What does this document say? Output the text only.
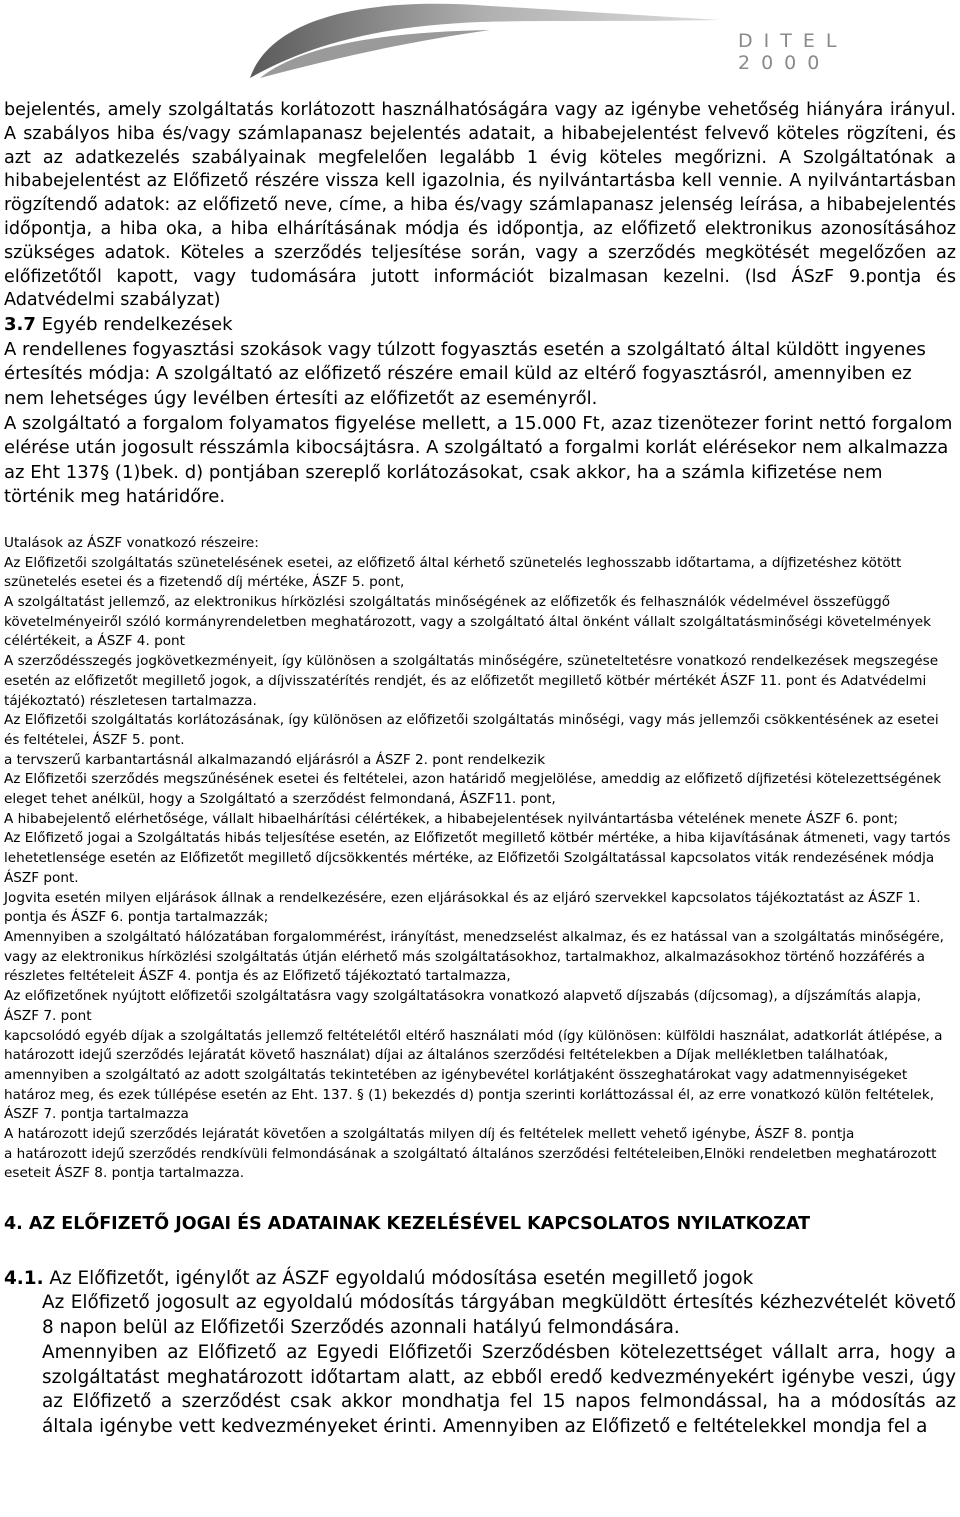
DITEL 2000

bejelentés, amely szolgáltatás korlátozott használhatóságára vagy az igénybe vehetőség hiányára irányul. A szabályos hiba és/vagy számlapanasz bejelentés adatait, a hibabejelentést felvevő köteles rögzíteni, és azt az adatkezelés szabályainak megfelelően legalább 1 évig köteles megőrizni. A Szolgáltatónak a hibabejelentést az Előfizető részére vissza kell igazolnia, és nyilvántartásba kell vennie. A nyilvántartásban rögzítendő adatok: az előfizető neve, címe, a hiba és/vagy számlapanasz jelenség leírása, a hibabejelentés időpontja, a hiba oka, a hiba elhárításának módja és időpontja, az előfizető elektronikus azonosításához szükséges adatok. Köteles a szerződés teljesítése során, vagy a szerződés megkötését megelőzően az előfizetőtől kapott, vagy tudomására jutott információt bizalmasan kezelni. (lsd ÁSzF 9.pontja és Adatvédelmi szabályzat)

3.7 Egyéb rendelkezések

A rendellenes fogyasztási szokások vagy túlzott fogyasztás esetén a szolgáltató által küldött ingyenes értesítés módja: A szolgáltató az előfizető részére email küld az eltérő fogyasztásról, amennyiben ez nem lehetséges úgy levélben értesíti az előfizetőt az eseményről.

A szolgáltató a forgalom folyamatos figyelése mellett, a 15.000 Ft, azaz tizenötezer forint nettó forgalom elérése után jogosult résszámla kibocsájtásra. A szolgáltató a forgalmi korlát elérésekor nem alkalmazza az Eht 137§ (1)bek. d) pontjában szereplő korlátozásokat, csak akkor, ha a számla kifizetése nem történik meg határidőre.

Utalások az ÁSZF vonatkozó részeire:

Az Előfizetői szolgáltatás szünetelésének esetei, az előfizető által kérhető szünetelés leghosszabb időtartama, a díjfizetéshez kötött szünetelés esetei és a fizetendő díj mértéke, ÁSZF 5. pont,

A szolgáltatást jellemző, az elektronikus hírközlési szolgáltatás minőségének az előfizetők és felhasználók védelmével összefüggő követelményeiről szóló kormányrendeletben meghatározott, vagy a szolgáltató által önként vállalt szolgáltatásminőségi követelmények célértékeit, a ÁSZF 4. pont

A szerződésszegés jogkövetkezményeit, így különösen a szolgáltatás minőségére, szüneteltetésre vonatkozó rendelkezések megszegése esetén az előfizetőt megillető jogok, a díjvisszatérítés rendjét, és az előfizetőt megillető kötbér mértékét ÁSZF 11. pont és Adatvédelmi tájékoztató) részletesen tartalmazza.

Az Előfizetői szolgáltatás korlátozásának, így különösen az előfizetői szolgáltatás minőségi, vagy más jellemzői csökkentésének az esetei és feltételei, ÁSZF 5. pont.

a tervszerű karbantartásnál alkalmazandó eljárásról a ÁSZF 2. pont rendelkezik

Az Előfizetői szerződés megszűnésének esetei és feltételei, azon határidő megjelölése, ameddig az előfizető díjfizetési kötelezettségének eleget tehet anélkül, hogy a Szolgáltató a szerződést felmondaná, ÁSZF11. pont,

A hibabejelentő elérhetősége, vállalt hibaelhárítási célértékek, a hibabejelentések nyilvántartásba vételének menete ÁSZF 6. pont;

Az Előfizető jogai a Szolgáltatás hibás teljesítése esetén, az Előfizetőt megillető kötbér mértéke, a hiba kijavításának átmeneti, vagy tartós lehetetlensége esetén az Előfizetőt megillető díjcsökkentés mértéke, az Előfizetői Szolgáltatással kapcsolatos viták rendezésének módja ÁSZF pont.

Jogvita esetén milyen eljárások állnak a rendelkezésére, ezen eljárásokkal és az eljáró szervekkel kapcsolatos tájékoztatást az ÁSZF 1. pontja és ÁSZF 6. pontja tartalmazzák;

Amennyiben a szolgáltató hálózatában forgalommérést, irányítást, menedzselést alkalmaz, és ez hatással van a szolgáltatás minőségére, vagy az elektronikus hírközlési szolgáltatás útján elérhető más szolgáltatásokhoz, tartalmakhoz, alkalmazásokhoz történő hozzáférés a részletes feltételeit ÁSZF 4. pontja és az Előfizető tájékoztató tartalmazza,

Az előfizetőnek nyújtott előfizetői szolgáltatásra vagy szolgáltatásokra vonatkozó alapvető díjszabás (díjcsomag), a díjszámítás alapja, ÁSZF 7. pont

kapcsolódó egyéb díjak a szolgáltatás jellemző feltételétől eltérő használati mód (így különösen: külföldi használat, adatkorlát átlépése, a határozott idejű szerződés lejáratát követő használat) díjai az általános szerződési feltételekben a Díjak mellékletben találhatóak,

amennyiben a szolgáltató az adott szolgáltatás tekintetében az igénybevétel korlátjaként összeghatárokat vagy adatmennyiségeket határoz meg, és ezek túllépése esetén az Eht. 137. § (1) bekezdés d) pontja szerinti korláttozással él, az erre vonatkozó külön feltételek, ÁSZF 7. pontja tartalmazza

A határozott idejű szerződés lejáratát követően a szolgáltatás milyen díj és feltételek mellett vehető igénybe, ÁSZF 8. pontja

a határozott idejű szerződés rendkívüli felmondásának a szolgáltató általános szerződési feltételeiben,Elnöki rendeletben meghatározott eseteit ÁSZF 8. pontja tartalmazza.

4. AZ ELŐFIZETŐ JOGAI ÉS ADATAINAK KEZELÉSÉVEL KAPCSOLATOS NYILATKOZAT

4.1. Az Előfizetőt, igénylőt az ÁSZF egyoldalú módosítása esetén megillető jogok

Az Előfizető jogosult az egyoldalú módosítás tárgyában megküldött értesítés kézhezvételét követő 8 napon belül az Előfizetői Szerződés azonnali hatályú felmondására.

Amennyiben az Előfizető az Egyedi Előfizetői Szerződésben kötelezettséget vállalt arra, hogy a szolgáltatást meghatározott időtartam alatt, az ebből eredő kedvezményekért igénybe veszi, úgy az Előfizető a szerződést csak akkor mondhatja fel 15 napos felmondással, ha a módosítás az általa igénybe vett kedvezményeket érinti. Amennyiben az Előfizető e feltételekkel mondja fel a
